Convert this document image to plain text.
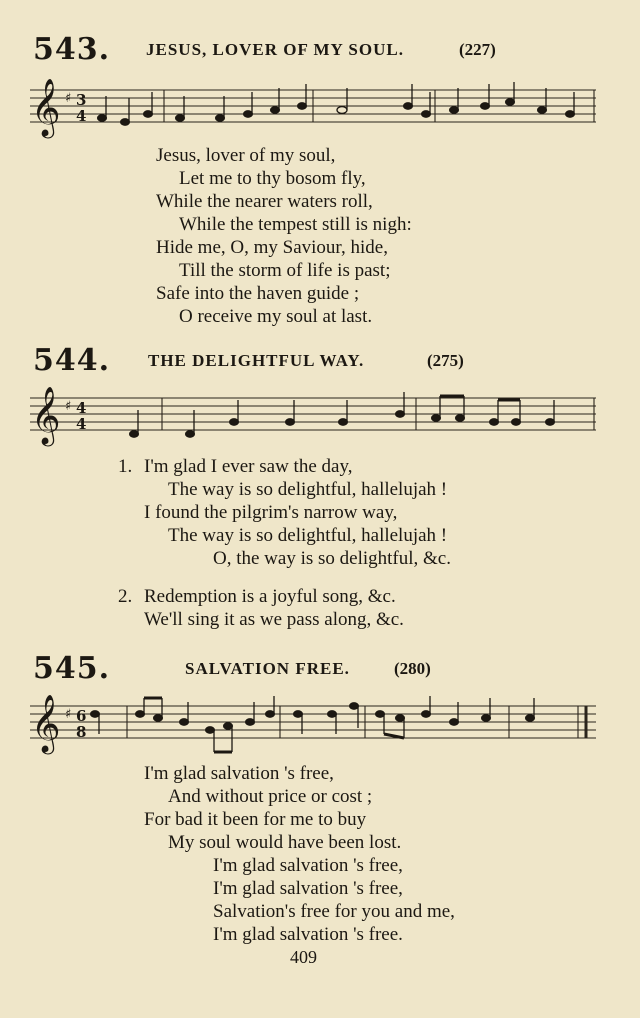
543. JESUS, LOVER OF MY SOUL.	(227)
𝄞 ♯ 3
4
Jesus, lover of my soul,
Let me to thy bosom fly,
While the nearer waters roll,
While the tempest still is nigh:
Hide me, O, my Saviour, hide,
Till the storm of life is past;
Safe into the haven guide ;
O receive my soul at last.
544. THE DELIGHTFUL WAY.	(275)
𝄞 ♯ 4
4
1. I'm glad I ever saw the day,
The way is so delightful, hallelujah !
I found the pilgrim's narrow way,
The way is so delightful, hallelujah !
O, the way is so delightful, &c.
2. Redemption is a joyful song, &c.
We'll sing it as we pass along, &c.
545.	SALVATION FREE.	(280)
𝄞 ♯ 6
8
I'm glad salvation 's free,
And without price or cost ;
For bad it been for me to buy
My soul would have been lost.
I'm glad salvation 's free,
I'm glad salvation 's free,
Salvation's free for you and me,
I'm glad salvation 's free.
409
